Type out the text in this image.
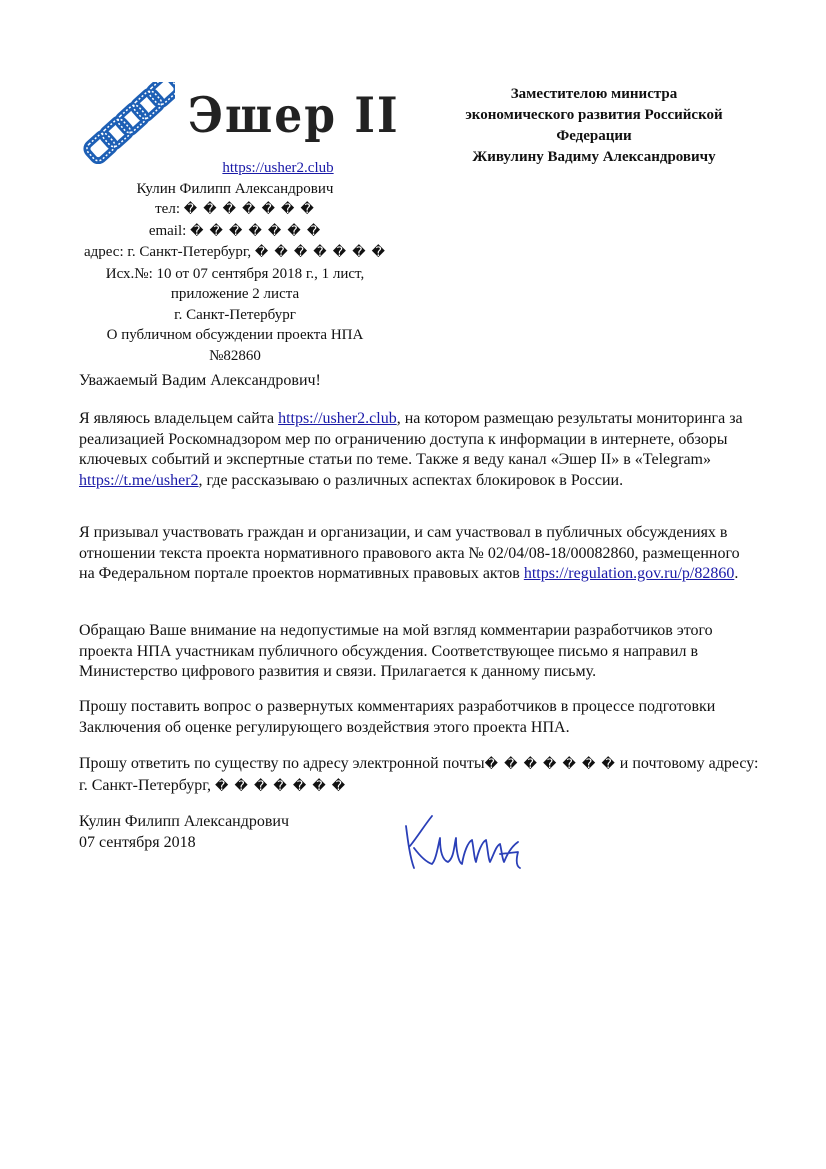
Эшер II	Заместителою министра
экономического развития Российской
Федерации
Живулину Вадиму Александровичу
https://usher2.club
Кулин Филипп Александрович
тел: � � � � � � �
email: � � � � � � �
адрес: г. Санкт-Петербург, � � � � � � �
Исх.№: 10 от 07 сентября 2018 г., 1 лист,
приложение 2 листа
г. Санкт-Петербург
О публичном обсуждении проекта НПА
№82860
Уважаемый Вадим Александрович!
Я являюсь владельцем сайта https://usher2.club, на котором размещаю результаты мониторинга за реализацией Роскомнадзором мер по ограничению доступа к информации в интернете, обзоры ключевых событий и экспертные статьи по теме. Также я веду канал «Эшер II» в «Telegram» https://t.me/usher2, где рассказываю о различных аспектах блокировок в России.
Я призывал участвовать граждан и организации, и сам участвовал в публичных обсуждениях в отношении текста проекта нормативного правового акта № 02/04/08-18/00082860, размещенного на Федеральном портале проектов нормативных правовых актов https://regulation.gov.ru/p/82860.
Обращаю Ваше внимание на недопустимые на мой взгляд комментарии разработчиков этого проекта НПА участникам публичного обсуждения. Соответствующее письмо я направил в Министерство цифрового развития и связи. Прилагается к данному письму.
Прошу поставить вопрос о развернутых комментариях разработчиков в процессе подготовки Заключения об оценке регулирующего воздействия этого проекта НПА.
Прошу ответить по существу по адресу электронной почты� � � � � � � и почтовому адресу: г. Санкт-Петербург, � � � � � � �
Кулин Филипп Александрович
07 сентября 2018
